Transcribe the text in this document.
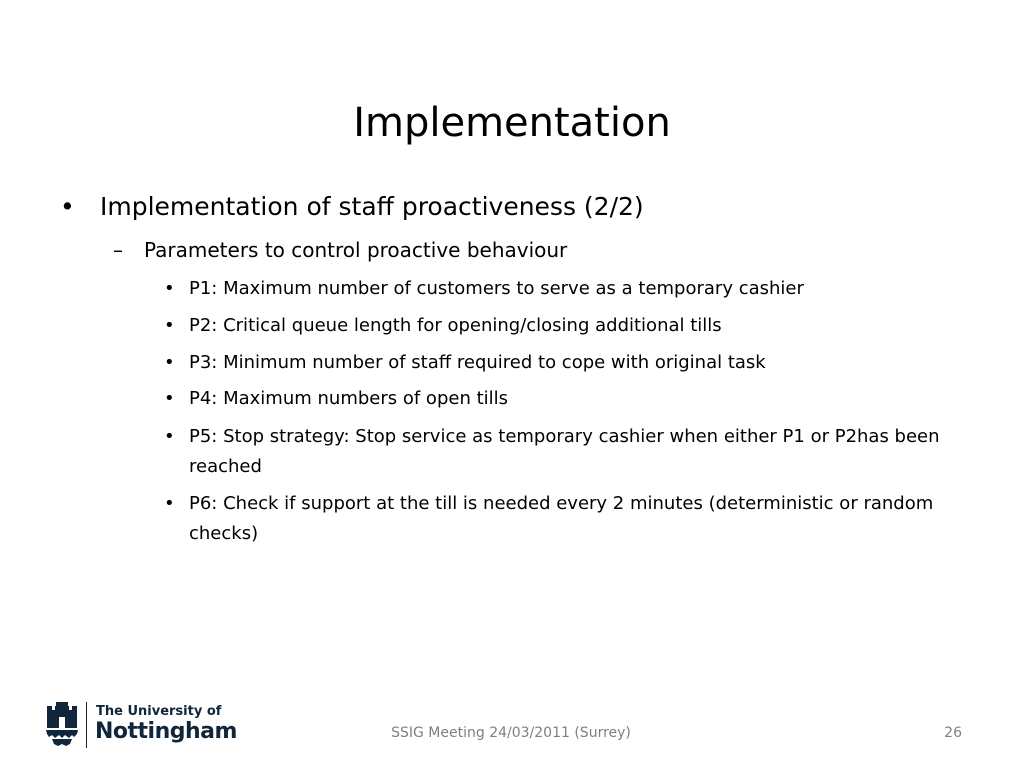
Implementation
•	Implementation of staff proactiveness (2/2)
–	Parameters to control proactive behaviour
• P1: Maximum number of customers to serve as a temporary cashier
• P2: Critical queue length for opening/closing additional tills
• P3: Minimum number of staff required to cope with original task
• P4: Maximum numbers of open tills
• P5: Stop strategy: Stop service as temporary cashier when either P1 or P2has been reached
• P6: Check if support at the till is needed every 2 minutes (deterministic or random checks)
The University of
Nottingham	SSIG Meeting 24/03/2011 (Surrey)	26
